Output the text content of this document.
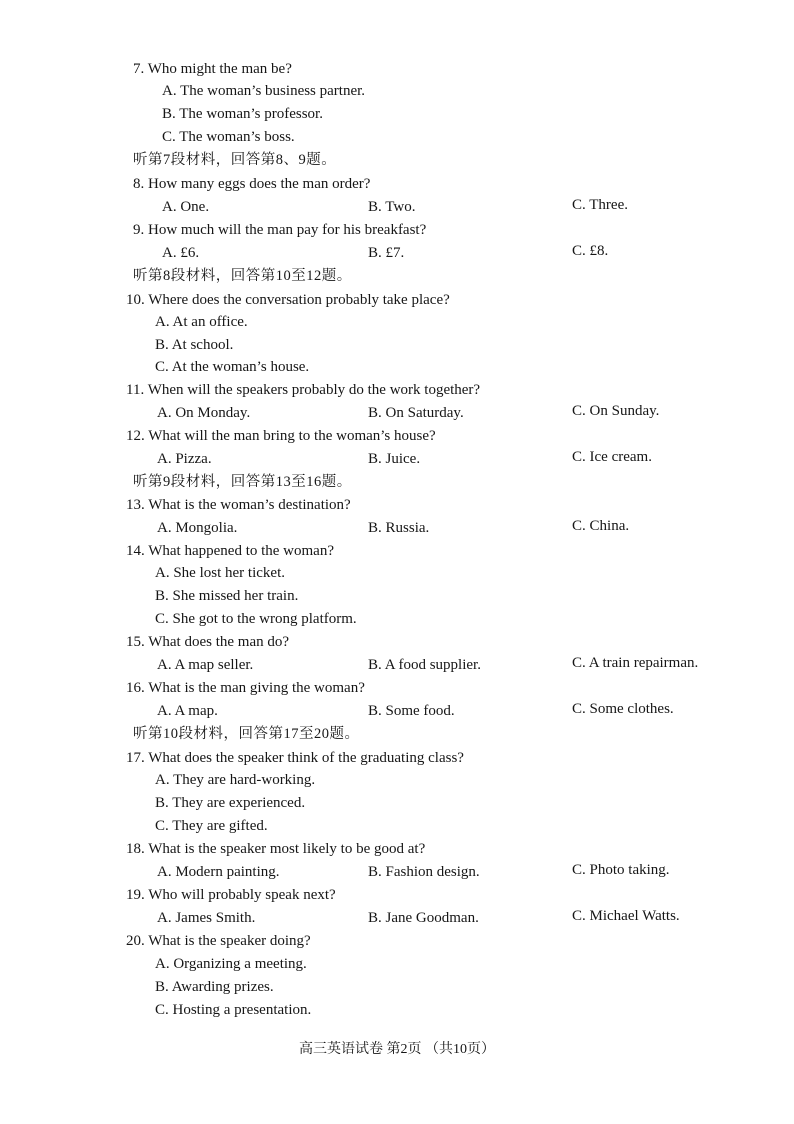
7. Who might the man be?
A. The woman’s business partner.
B. The woman’s professor.
C. The woman’s boss.
听第7段材料，回答第8、9题。
8. How many eggs does the man order?
A. One.	B. Two.	C. Three.
9. How much will the man pay for his breakfast?
A. £6.	B. £7.	C. £8.
听第8段材料，回答第10至12题。
10. Where does the conversation probably take place?
A. At an office.
B. At school.
C. At the woman’s house.
11. When will the speakers probably do the work together?
A. On Monday.	B. On Saturday.	C. On Sunday.
12. What will the man bring to the woman’s house?
A. Pizza.	B. Juice.	C. Ice cream.
听第9段材料，回答第13至16题。
13. What is the woman’s destination?
A. Mongolia.	B. Russia.	C. China.
14. What happened to the woman?
A. She lost her ticket.
B. She missed her train.
C. She got to the wrong platform.
15. What does the man do?
A. A map seller.	B. A food supplier.	C. A train repairman.
16. What is the man giving the woman?
A. A map.	B. Some food.	C. Some clothes.
听第10段材料，回答第17至20题。
17. What does the speaker think of the graduating class?
A. They are hard-working.
B. They are experienced.
C. They are gifted.
18. What is the speaker most likely to be good at?
A. Modern painting.	B. Fashion design.	C. Photo taking.
19. Who will probably speak next?
A. James Smith.	B. Jane Goodman.	C. Michael Watts.
20. What is the speaker doing?
A. Organizing a meeting.
B. Awarding prizes.
C. Hosting a presentation.
高三英语试卷 第2页 （共10页）
